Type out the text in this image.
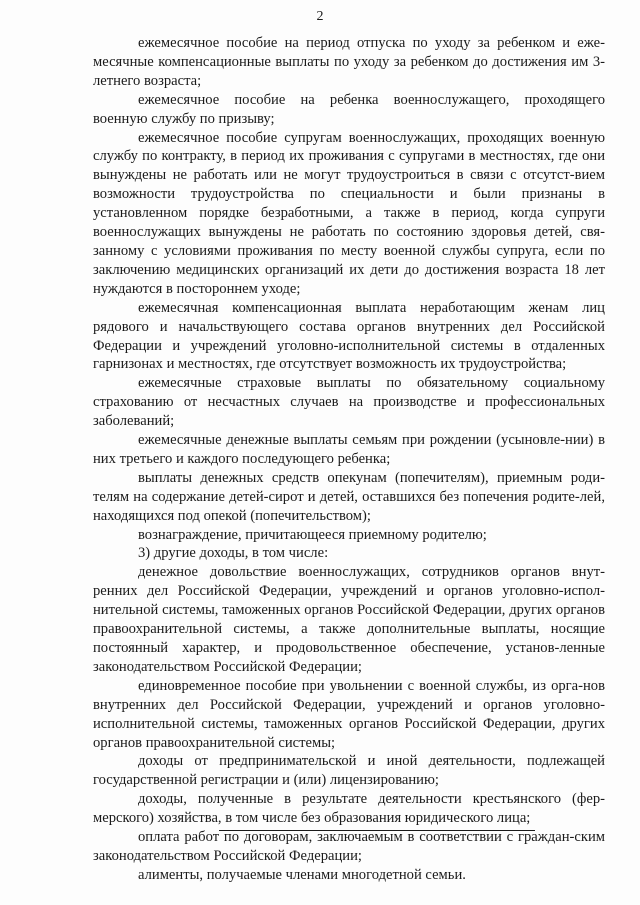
2

ежемесячное пособие на период отпуска по уходу за ребенком и еже-месячные компенсационные выплаты по уходу за ребенком до достижения им 3-летнего возраста;

ежемесячное пособие на ребенка военнослужащего, проходящего военную службу по призыву;

ежемесячное пособие супругам военнослужащих, проходящих военную службу по контракту, в период их проживания с супругами в местностях, где они вынуждены не работать или не могут трудоустроиться в связи с отсутст-вием возможности трудоустройства по специальности и были признаны в установленном порядке безработными, а также в период, когда супруги военнослужащих вынуждены не работать по состоянию здоровья детей, свя-занному с условиями проживания по месту военной службы супруга, если по заключению медицинских организаций их дети до достижения возраста 18 лет нуждаются в постороннем уходе;

ежемесячная компенсационная выплата неработающим женам лиц рядового и начальствующего состава органов внутренних дел Российской Федерации и учреждений уголовно-исполнительной системы в отдаленных гарнизонах и местностях, где отсутствует возможность их трудоустройства;

ежемесячные страховые выплаты по обязательному социальному страхованию от несчастных случаев на производстве и профессиональных заболеваний;

ежемесячные денежные выплаты семьям при рождении (усыновле-нии) в них третьего и каждого последующего ребенка;

выплаты денежных средств опекунам (попечителям), приемным роди-телям на содержание детей-сирот и детей, оставшихся без попечения родите-лей, находящихся под опекой (попечительством);

вознаграждение, причитающееся приемному родителю;

3) другие доходы, в том числе:

денежное довольствие военнослужащих, сотрудников органов внут-ренних дел Российской Федерации, учреждений и органов уголовно-испол-нительной системы, таможенных органов Российской Федерации, других органов правоохранительной системы, а также дополнительные выплаты, носящие постоянный характер, и продовольственное обеспечение, установ-ленные законодательством Российской Федерации;

единовременное пособие при увольнении с военной службы, из орга-нов внутренних дел Российской Федерации, учреждений и органов уголовно-исполнительной системы, таможенных органов Российской Федерации, других органов правоохранительной системы;

доходы от предпринимательской и иной деятельности, подлежащей государственной регистрации и (или) лицензированию;

доходы, полученные в результате деятельности крестьянского (фер-мерского) хозяйства, в том числе без образования юридического лица;

оплата работ по договорам, заключаемым в соответствии с граждан-ским законодательством Российской Федерации;

алименты, получаемые членами многодетной семьи.
